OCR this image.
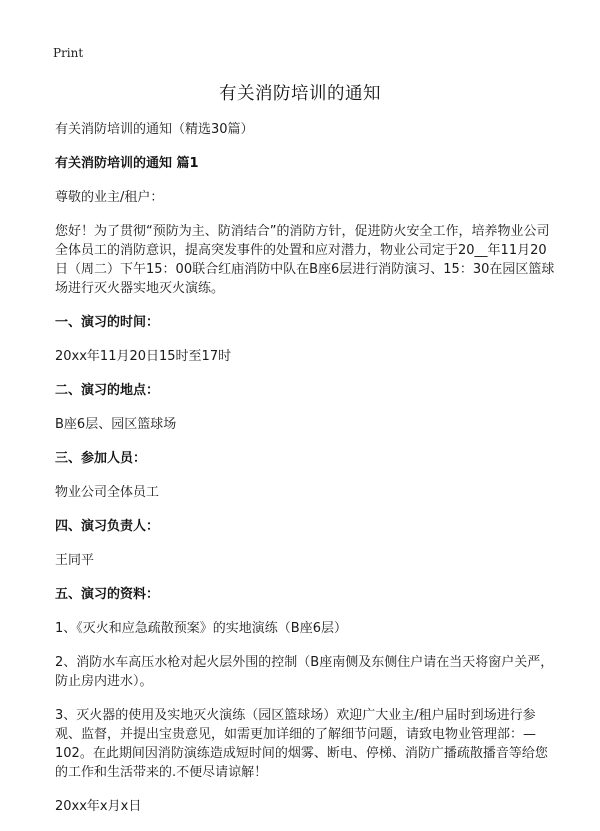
Print
有关消防培训的通知

有关消防培训的通知（精选30篇）

有关消防培训的通知 篇1

尊敬的业主/租户：

您好！为了贯彻“预防为主、防消结合”的消防方针，促进防火安全工作，培养物业公司全体员工的消防意识，提高突发事件的处置和应对潜力，物业公司定于20__年11月20日（周二）下午15：00联合红庙消防中队在B座6层进行消防演习、15：30在园区篮球场进行灭火器实地灭火演练。

一、演习的时间：

20xx年11月20日15时至17时

二、演习的地点：

B座6层、园区篮球场

三、参加人员：

物业公司全体员工

四、演习负责人：

王同平

五、演习的资料：

1、《灭火和应急疏散预案》的实地演练（B座6层）

2、消防水车高压水枪对起火层外围的控制（B座南侧及东侧住户请在当天将窗户关严，防止房内进水）。

3、灭火器的使用及实地灭火演练（园区篮球场）欢迎广大业主/租户届时到场进行参观、监督，并提出宝贵意见，如需更加详细的了解细节问题，请致电物业管理部：—102。在此期间因消防演练造成短时间的烟雾、断电、停梯、消防广播疏散播音等给您的工作和生活带来的.不便尽请谅解！

20xx年x月x日
